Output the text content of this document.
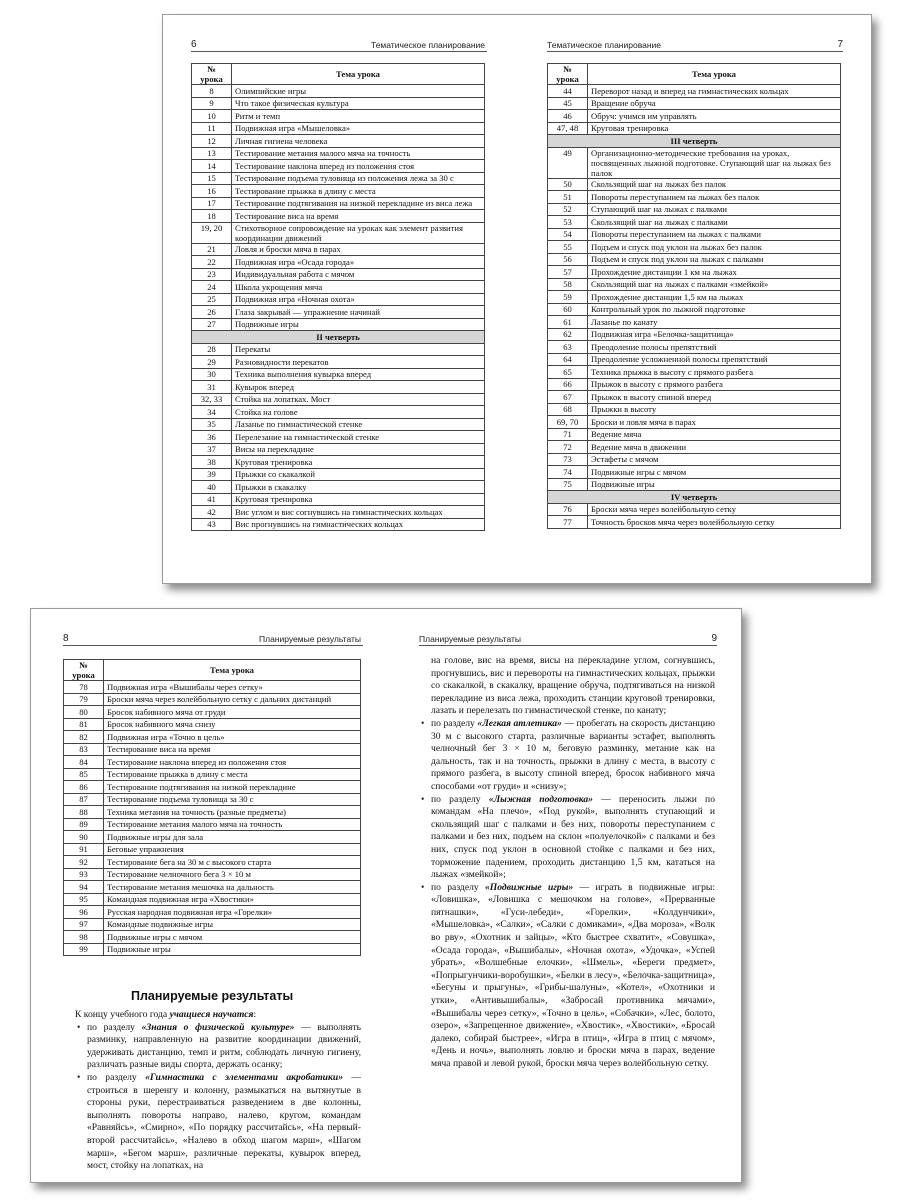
6	Тематическое планирование
№ урока	Тема урока
8	Олимпийские игры
9	Что такое физическая культура
10	Ритм и темп
11	Подвижная игра «Мышеловка»
12	Личная гигиена человека
13	Тестирование метания малого мяча на точность
14	Тестирование наклона вперед из положения стоя
15	Тестирование подъема туловища из положения лежа за 30 с
16	Тестирование прыжка в длину с места
17	Тестирование подтягивания на низкой перекладине из виса лежа
18	Тестирование виса на время
19, 20	Стихотворное сопровождение на уроках как элемент развития координации движений
21	Ловля и броски мяча в парах
22	Подвижная игра «Осада города»
23	Индивидуальная работа с мячом
24	Школа укрощения мяча
25	Подвижная игра «Ночная охота»
26	Глаза закрывай — упражнение начинай
27	Подвижные игры
II четверть	
28	Перекаты
29	Разновидности перекатов
30	Техника выполнения кувырка вперед
31	Кувырок вперед
32, 33	Стойка на лопатках. Мост
34	Стойка на голове
35	Лазанье по гимнастической стенке
36	Перелезание на гимнастической стенке
37	Висы на перекладине
38	Круговая тренировка
39	Прыжки со скакалкой
40	Прыжки в скакалку
41	Круговая тренировка
42	Вис углом и вис согнувшись на гимнастических кольцах
43	Вис прогнувшись на гимнастических кольцах
Тематическое планирование	7
№ урока	Тема урока
44	Переворот назад и вперед на гимнастических кольцах
45	Вращение обруча
46	Обруч: учимся им управлять
47, 48	Круговая тренировка
III четверть	
49	Организационно-методические требования на уроках, посвященных лыжной подготовке. Ступающий шаг на лыжах без палок
50	Скользящий шаг на лыжах без палок
51	Повороты переступанием на лыжах без палок
52	Ступающий шаг на лыжах с палками
53	Скользящий шаг на лыжах с палками
54	Повороты переступанием на лыжах с палками
55	Подъем и спуск под уклон на лыжах без палок
56	Подъем и спуск под уклон на лыжах с палками
57	Прохождение дистанции 1 км на лыжах
58	Скользящий шаг на лыжах с палками «змейкой»
59	Прохождение дистанции 1,5 км на лыжах
60	Контрольный урок по лыжной подготовке
61	Лазанье по канату
62	Подвижная игра «Белочка-защитница»
63	Преодоление полосы препятствий
64	Преодоление усложненной полосы препятствий
65	Техника прыжка в высоту с прямого разбега
66	Прыжок в высоту с прямого разбега
67	Прыжок в высоту спиной вперед
68	Прыжки в высоту
69, 70	Броски и ловля мяча в парах
71	Ведение мяча
72	Ведение мяча в движении
73	Эстафеты с мячом
74	Подвижные игры с мячом
75	Подвижные игры
IV четверть	
76	Броски мяча через волейбольную сетку
77	Точность бросков мяча через волейбольную сетку
8	Планируемые результаты
№ урока	Тема урока
78	Подвижная игра «Вышибалы через сетку»
79	Броски мяча через волейбольную сетку с дальних дистанций
80	Бросок набивного мяча от груди
81	Бросок набивного мяча снизу
82	Подвижная игра «Точно в цель»
83	Тестирование виса на время
84	Тестирование наклона вперед из положения стоя
85	Тестирование прыжка в длину с места
86	Тестирование подтягивания на низкой перекладине
87	Тестирование подъема туловища за 30 с
88	Техника метания на точность (разные предметы)
89	Тестирование метания малого мяча на точность
90	Подвижные игры для зала
91	Беговые упражнения
92	Тестирование бега на 30 м с высокого старта
93	Тестирование челночного бега 3 × 10 м
94	Тестирование метания мешочка на дальность
95	Командная подвижная игра «Хвостики»
96	Русская народная подвижная игра «Горелки»
97	Командные подвижные игры
98	Подвижные игры с мячом
99	Подвижные игры
Планируемые результаты

К концу учебного года учащиеся научатся:

• по разделу «Знания о физической культуре» — выполнять разминку, направленную на развитие координации движений, удерживать дистанцию, темп и ритм, соблюдать личную гигиену, различать разные виды спорта, держать осанку;
• по разделу «Гимнастика с элементами акробатики» — строиться в шеренгу и колонну, размыкаться на вытянутые в стороны руки, перестраиваться разведением в две колонны, выполнять повороты направо, налево, кругом, командам «Равняйсь», «Смирно», «По порядку рассчитайсь», «На первый-второй рассчитайсь», «Налево в обход шагом марш», «Шагом марш», «Бегом марш», различные перекаты, кувырок вперед, мост, стойку на лопатках, на
Планируемые результаты	9

на голове, вис на время, висы на перекладине углом, согнувшись, прогнувшись, вис и перевороты на гимнастических кольцах, прыжки со скакалкой, в скакалку, вращение обруча, подтягиваться на низкой перекладине из виса лежа, проходить станции круговой тренировки, лазать и перелезать по гимнастической стенке, по канату;

• по разделу «Легкая атлетика» — пробегать на скорость дистанцию 30 м с высокого старта, различные варианты эстафет, выполнять челночный бег 3 × 10 м, беговую разминку, метание как на дальность, так и на точность, прыжки в длину с места, в высоту с прямого разбега, в высоту спиной вперед, бросок набивного мяча способами «от груди» и «снизу»;
• по разделу «Лыжная подготовка» — переносить лыжи по командам «На плечо», «Под рукой», выполнять ступающий и скользящий шаг с палками и без них, повороты переступанием с палками и без них, подъем на склон «полуелочкой» с палками и без них, спуск под уклон в основной стойке с палками и без них, торможение падением, проходить дистанцию 1,5 км, кататься на лыжах «змейкой»;
• по разделу «Подвижные игры» — играть в подвижные игры: «Ловишка», «Ловишка с мешочком на голове», «Прерванные пятнашки», «Гуси-лебеди», «Горелки», «Колдунчики», «Мышеловка», «Салки», «Салки с домиками», «Два мороза», «Волк во рву», «Охотник и зайцы», «Кто быстрее схватит», «Совушка», «Осада города», «Вышибалы», «Ночная охота», «Удочка», «Успей убрать», «Волшебные елочки», «Шмель», «Береги предмет», «Попрыгунчики-воробушки», «Белки в лесу», «Белочка-защитница», «Бегуны и прыгуны», «Грибы-шалуны», «Котел», «Охотники и утки», «Антивышибалы», «Забросай противника мячами», «Вышибалы через сетку», «Точно в цель», «Собачки», «Лес, болото, озеро», «Запрещенное движение», «Хвостик», «Хвостики», «Бросай далеко, собирай быстрее», «Игра в птиц», «Игра в птиц с мячом», «День и ночь», выполнять ловлю и броски мяча в парах, ведение мяча правой и левой рукой, броски мяча через волейбольную сетку.
